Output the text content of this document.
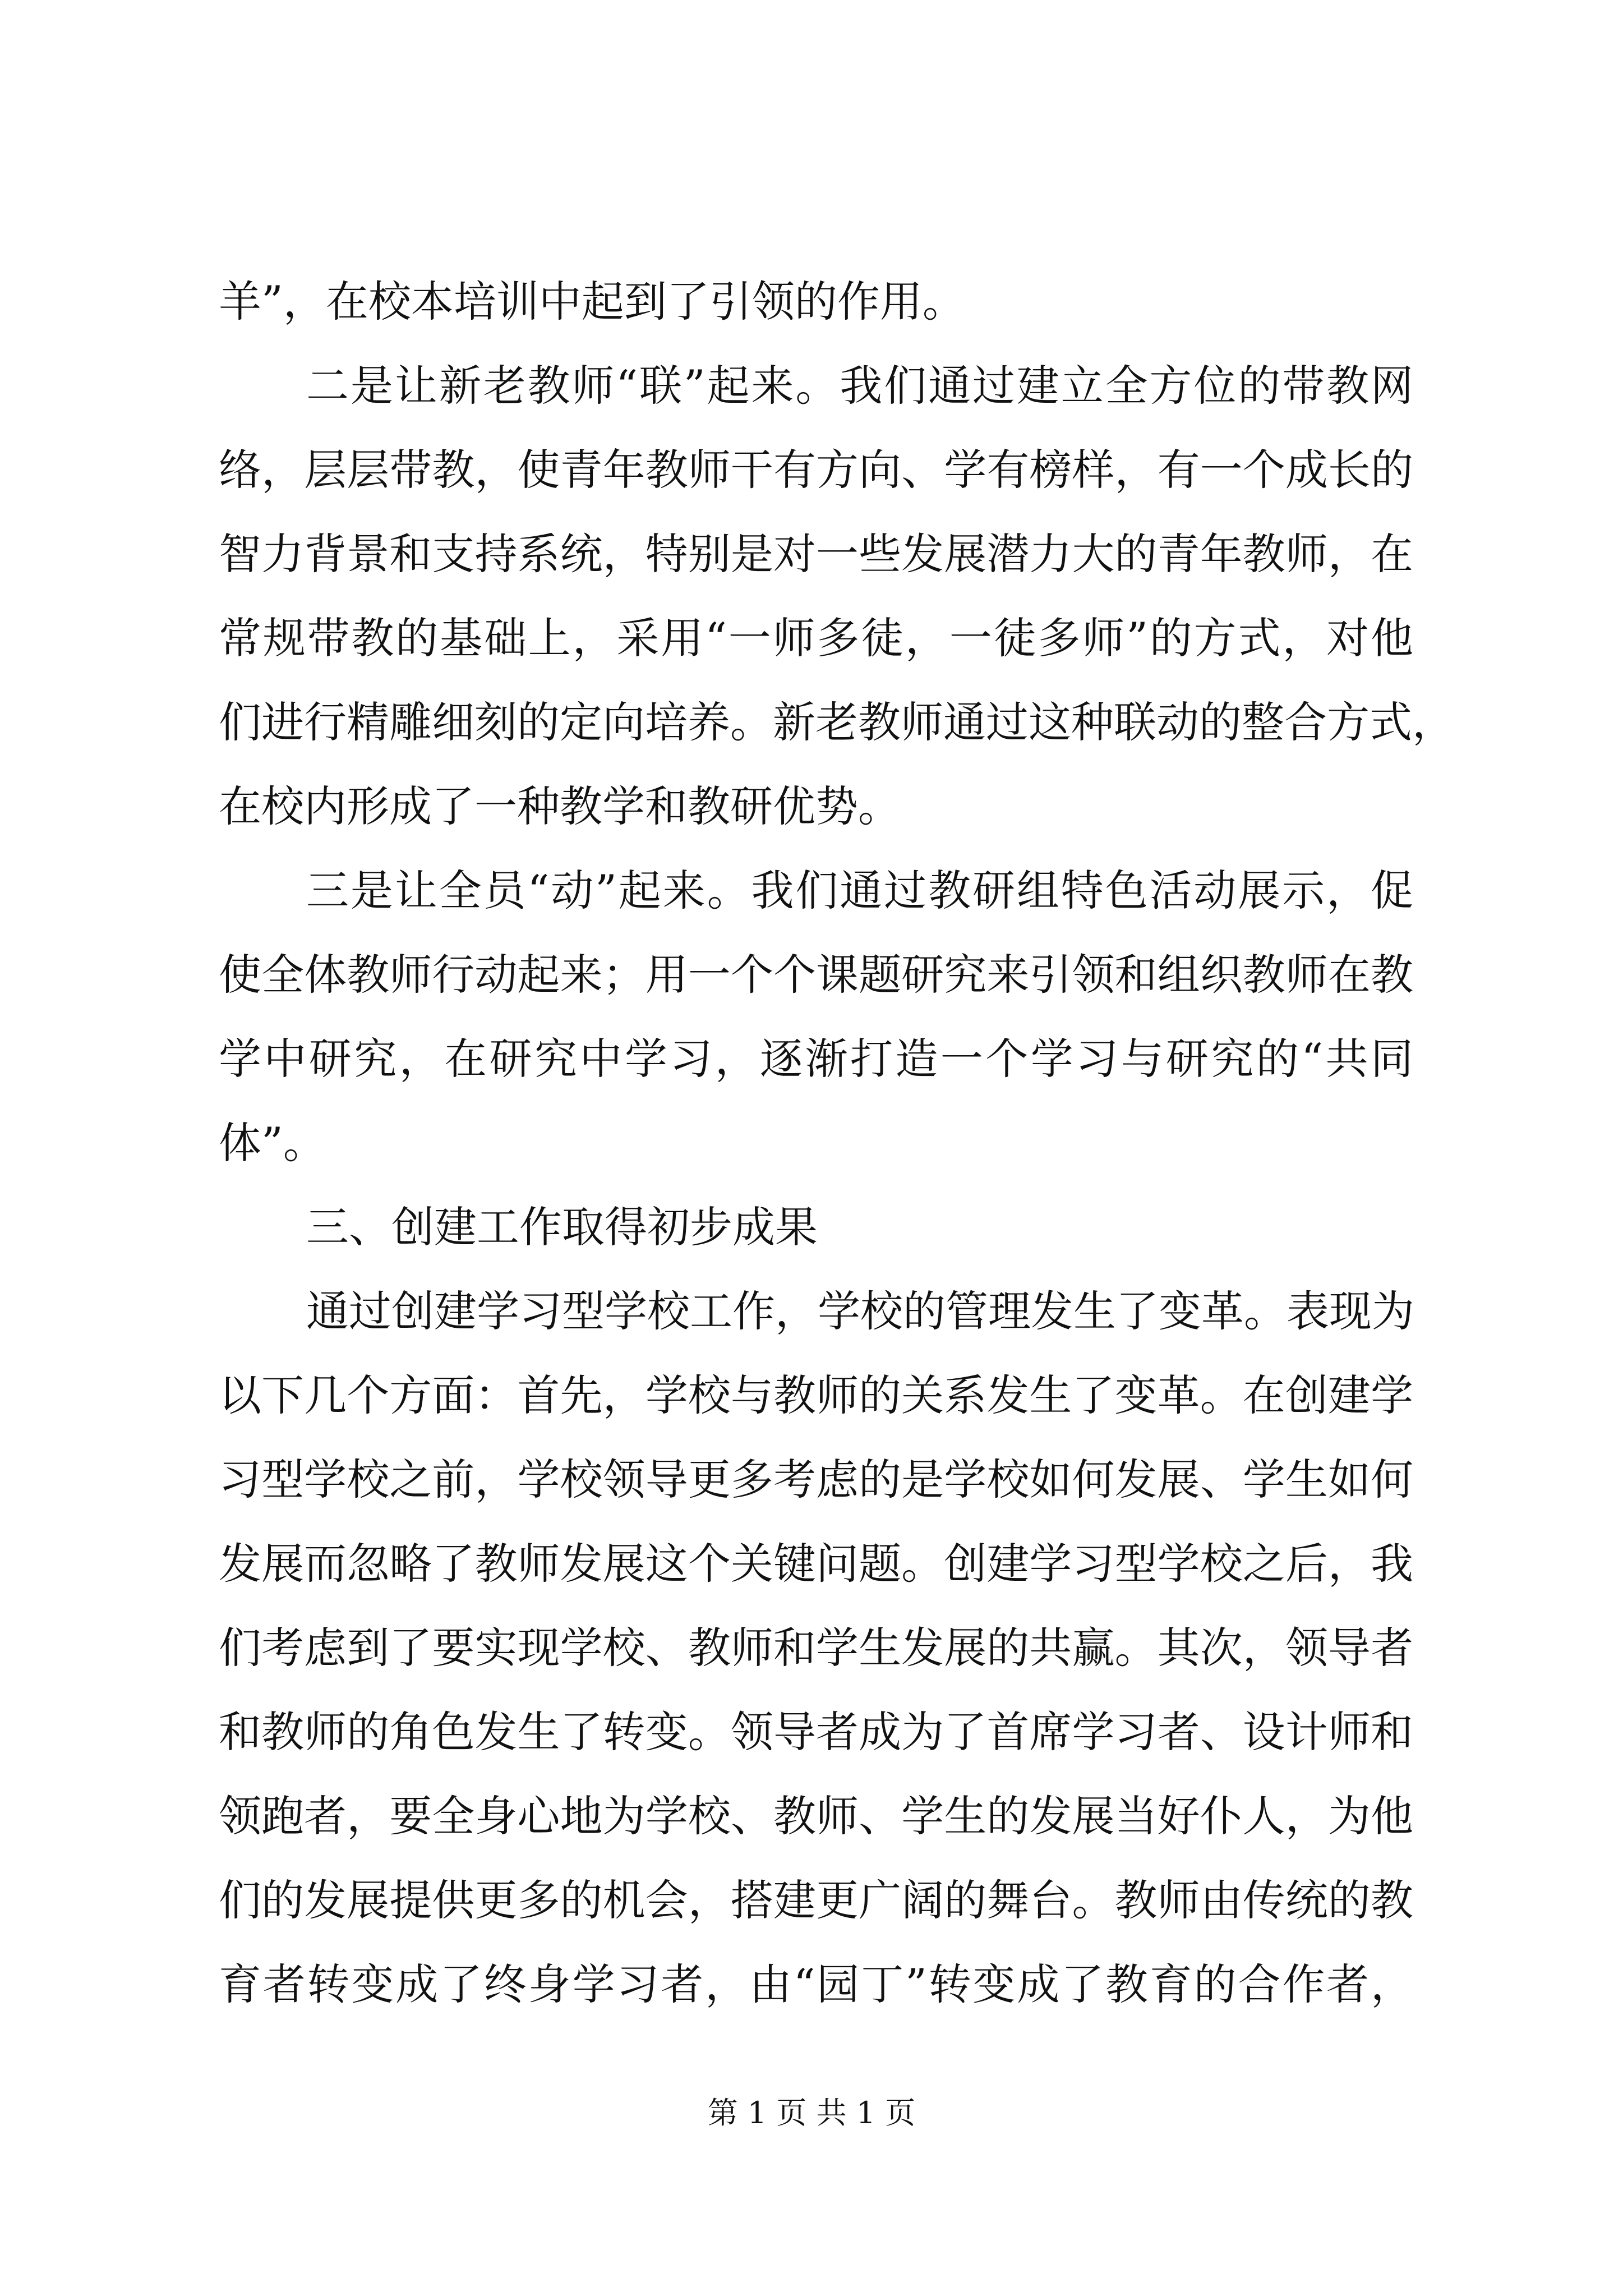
羊”，在校本培训中起到了引领的作用。
二是让新老教师“联”起来。我们通过建立全方位的带教网
络，层层带教，使青年教师干有方向、学有榜样，有一个成长的
智力背景和支持系统，特别是对一些发展潜力大的青年教师，在
常规带教的基础上，采用“一师多徒，一徒多师”的方式，对他
们进行精雕细刻的定向培养。新老教师通过这种联动的整合方式，
在校内形成了一种教学和教研优势。
三是让全员“动”起来。我们通过教研组特色活动展示，促
使全体教师行动起来；用一个个课题研究来引领和组织教师在教
学中研究，在研究中学习，逐渐打造一个学习与研究的“共同
体”。
三、创建工作取得初步成果
通过创建学习型学校工作，学校的管理发生了变革。表现为
以下几个方面：首先，学校与教师的关系发生了变革。在创建学
习型学校之前，学校领导更多考虑的是学校如何发展、学生如何
发展而忽略了教师发展这个关键问题。创建学习型学校之后，我
们考虑到了要实现学校、教师和学生发展的共赢。其次，领导者
和教师的角色发生了转变。领导者成为了首席学习者、设计师和
领跑者，要全身心地为学校、教师、学生的发展当好仆人，为他
们的发展提供更多的机会，搭建更广阔的舞台。教师由传统的教
育者转变成了终身学习者，由“园丁”转变成了教育的合作者，
第 1 页 共 1 页
